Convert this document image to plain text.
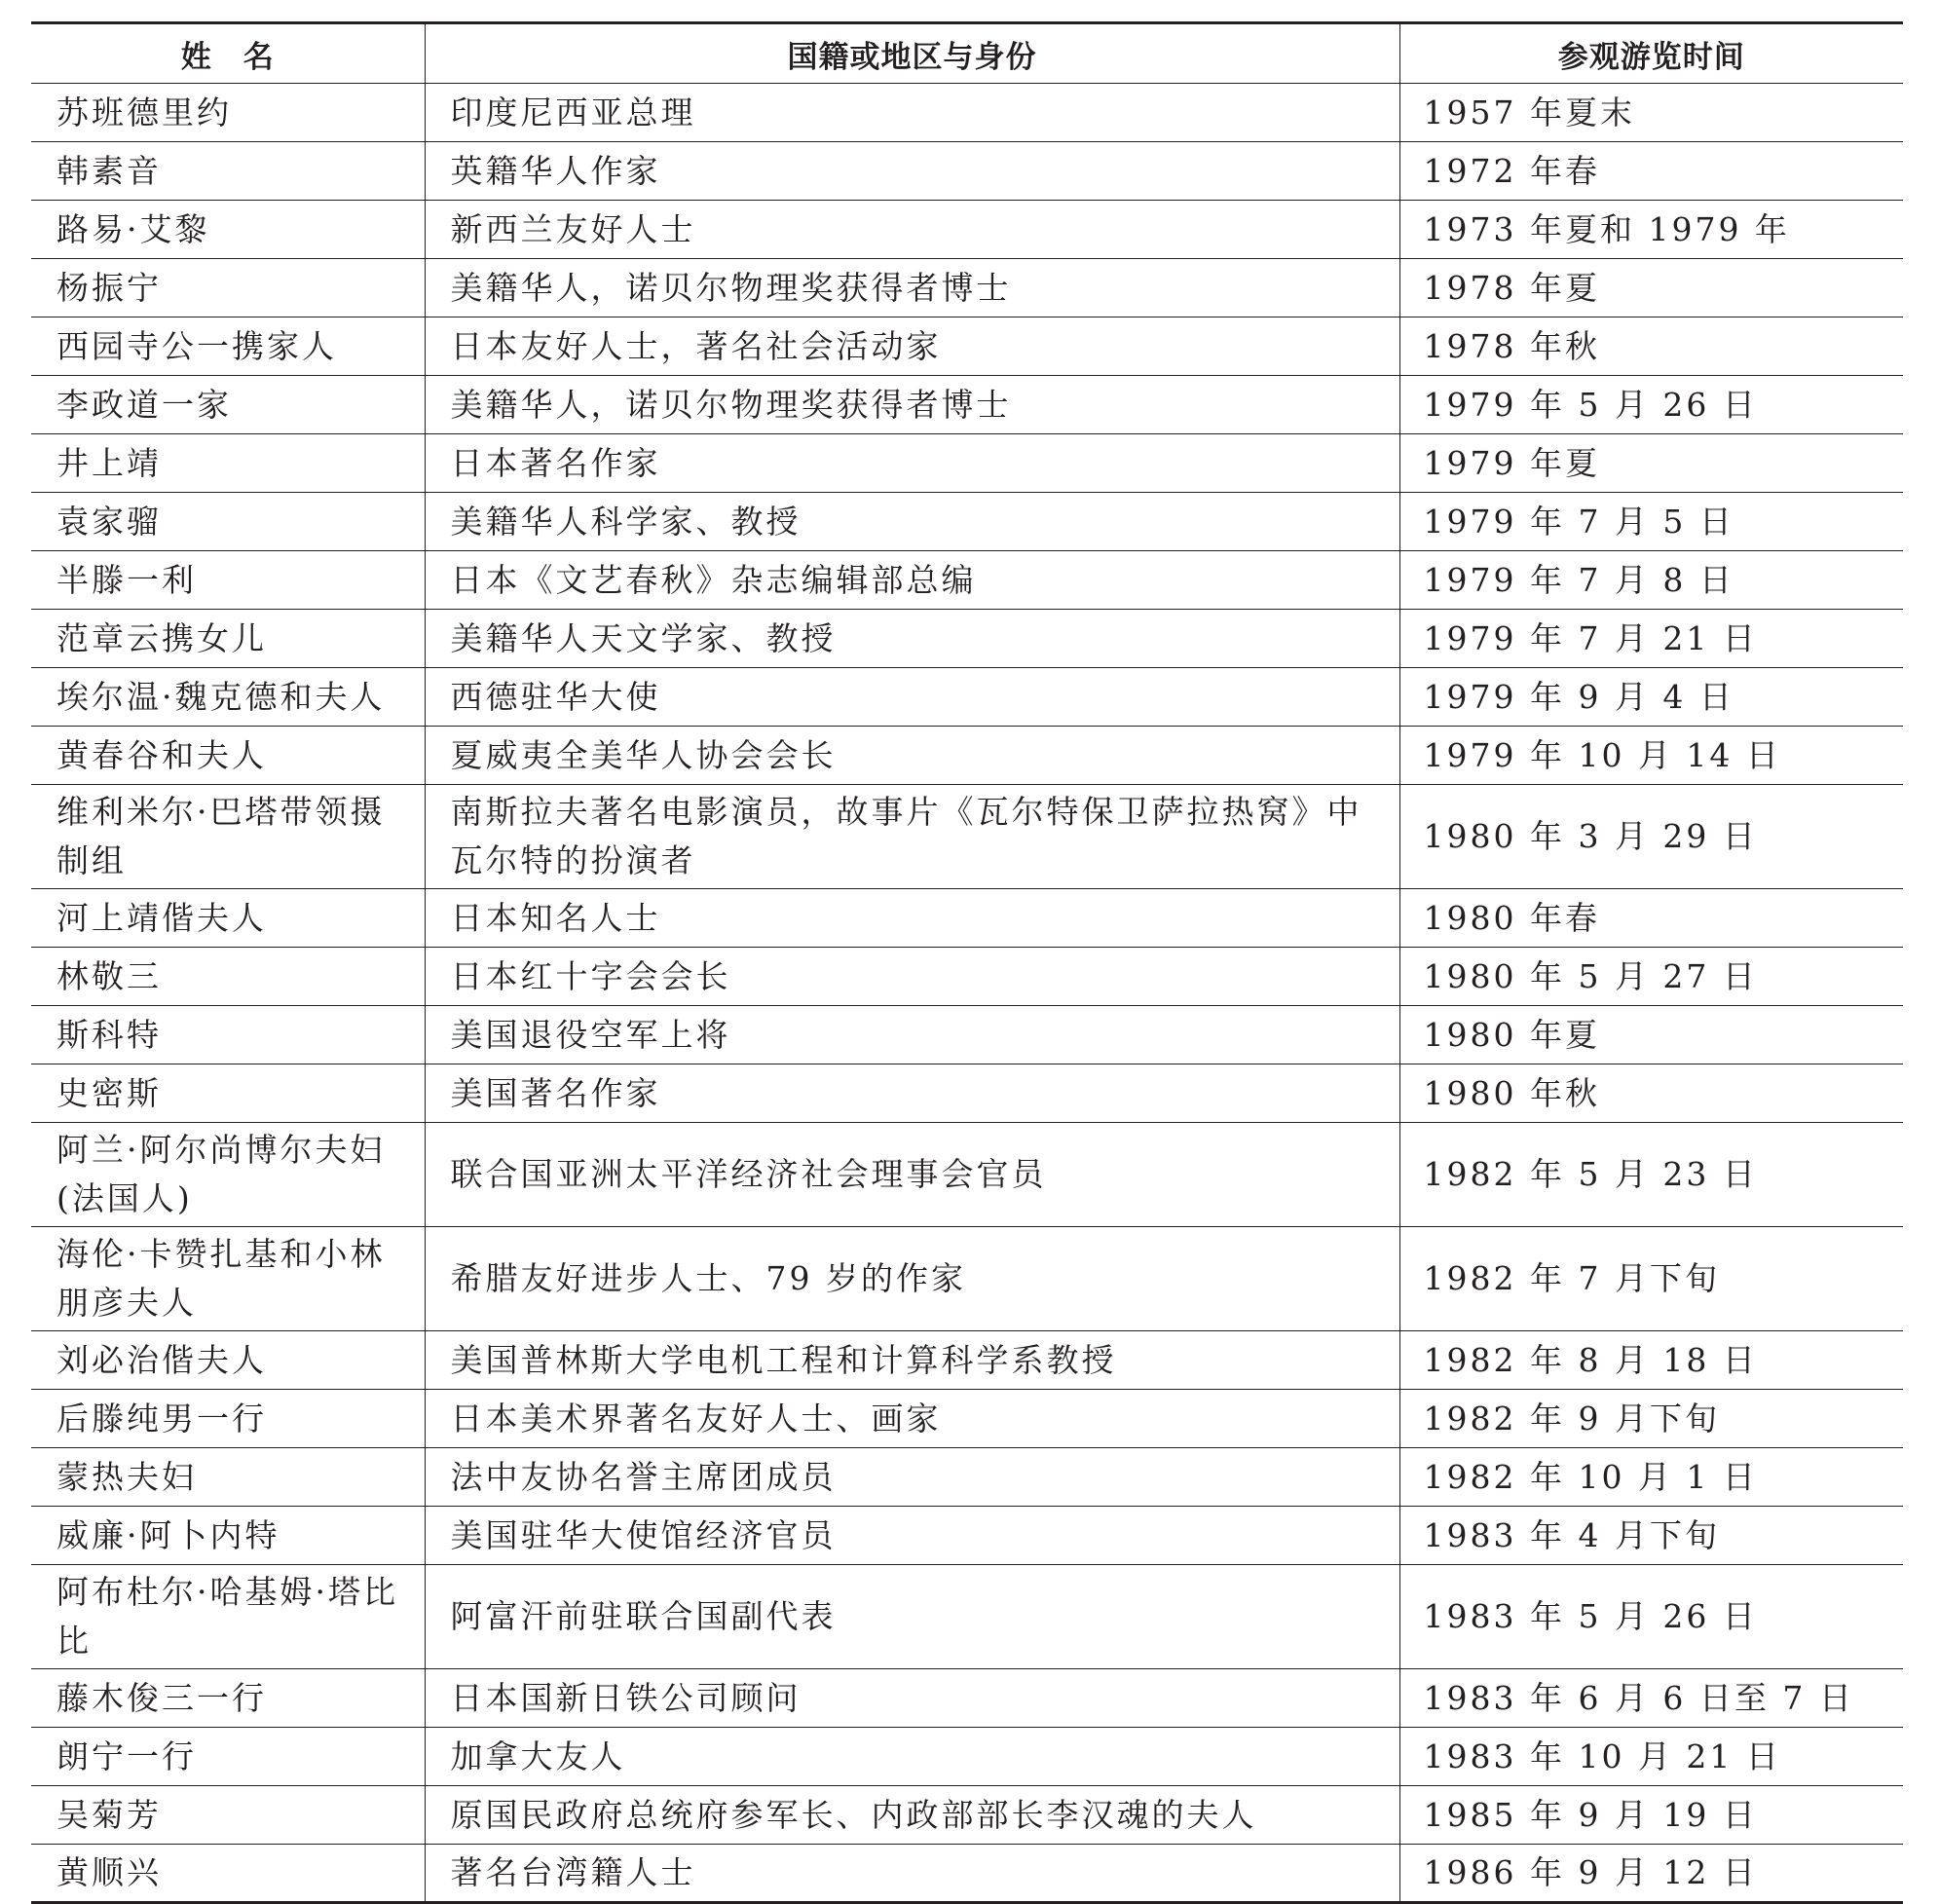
姓　名	国籍或地区与身份	参观游览时间
苏班德里约	印度尼西亚总理	1957 年夏末
韩素音	英籍华人作家	1972 年春
路易·艾黎	新西兰友好人士	1973 年夏和 1979 年
杨振宁	美籍华人，诺贝尔物理奖获得者博士	1978 年夏
西园寺公一携家人	日本友好人士，著名社会活动家	1978 年秋
李政道一家	美籍华人，诺贝尔物理奖获得者博士	1979 年 5 月 26 日
井上靖	日本著名作家	1979 年夏
袁家骝	美籍华人科学家、教授	1979 年 7 月 5 日
半滕一利	日本《文艺春秋》杂志编辑部总编	1979 年 7 月 8 日
范章云携女儿	美籍华人天文学家、教授	1979 年 7 月 21 日
埃尔温·魏克德和夫人	西德驻华大使	1979 年 9 月 4 日
黄春谷和夫人	夏威夷全美华人协会会长	1979 年 10 月 14 日
维利米尔·巴塔带领摄制组	南斯拉夫著名电影演员，故事片《瓦尔特保卫萨拉热窝》中瓦尔特的扮演者	1980 年 3 月 29 日
河上靖偕夫人	日本知名人士	1980 年春
林敬三	日本红十字会会长	1980 年 5 月 27 日
斯科特	美国退役空军上将	1980 年夏
史密斯	美国著名作家	1980 年秋
阿兰·阿尔尚博尔夫妇(法国人)	联合国亚洲太平洋经济社会理事会官员	1982 年 5 月 23 日
海伦·卡赞扎基和小林朋彦夫人	希腊友好进步人士、79 岁的作家	1982 年 7 月下旬
刘必治偕夫人	美国普林斯大学电机工程和计算科学系教授	1982 年 8 月 18 日
后滕纯男一行	日本美术界著名友好人士、画家	1982 年 9 月下旬
蒙热夫妇	法中友协名誉主席团成员	1982 年 10 月 1 日
威廉·阿卜内特	美国驻华大使馆经济官员	1983 年 4 月下旬
阿布杜尔·哈基姆·塔比比	阿富汗前驻联合国副代表	1983 年 5 月 26 日
藤木俊三一行	日本国新日铁公司顾问	1983 年 6 月 6 日至 7 日
朗宁一行	加拿大友人	1983 年 10 月 21 日
吴菊芳	原国民政府总统府参军长、内政部部长李汉魂的夫人	1985 年 9 月 19 日
黄顺兴	著名台湾籍人士	1986 年 9 月 12 日
